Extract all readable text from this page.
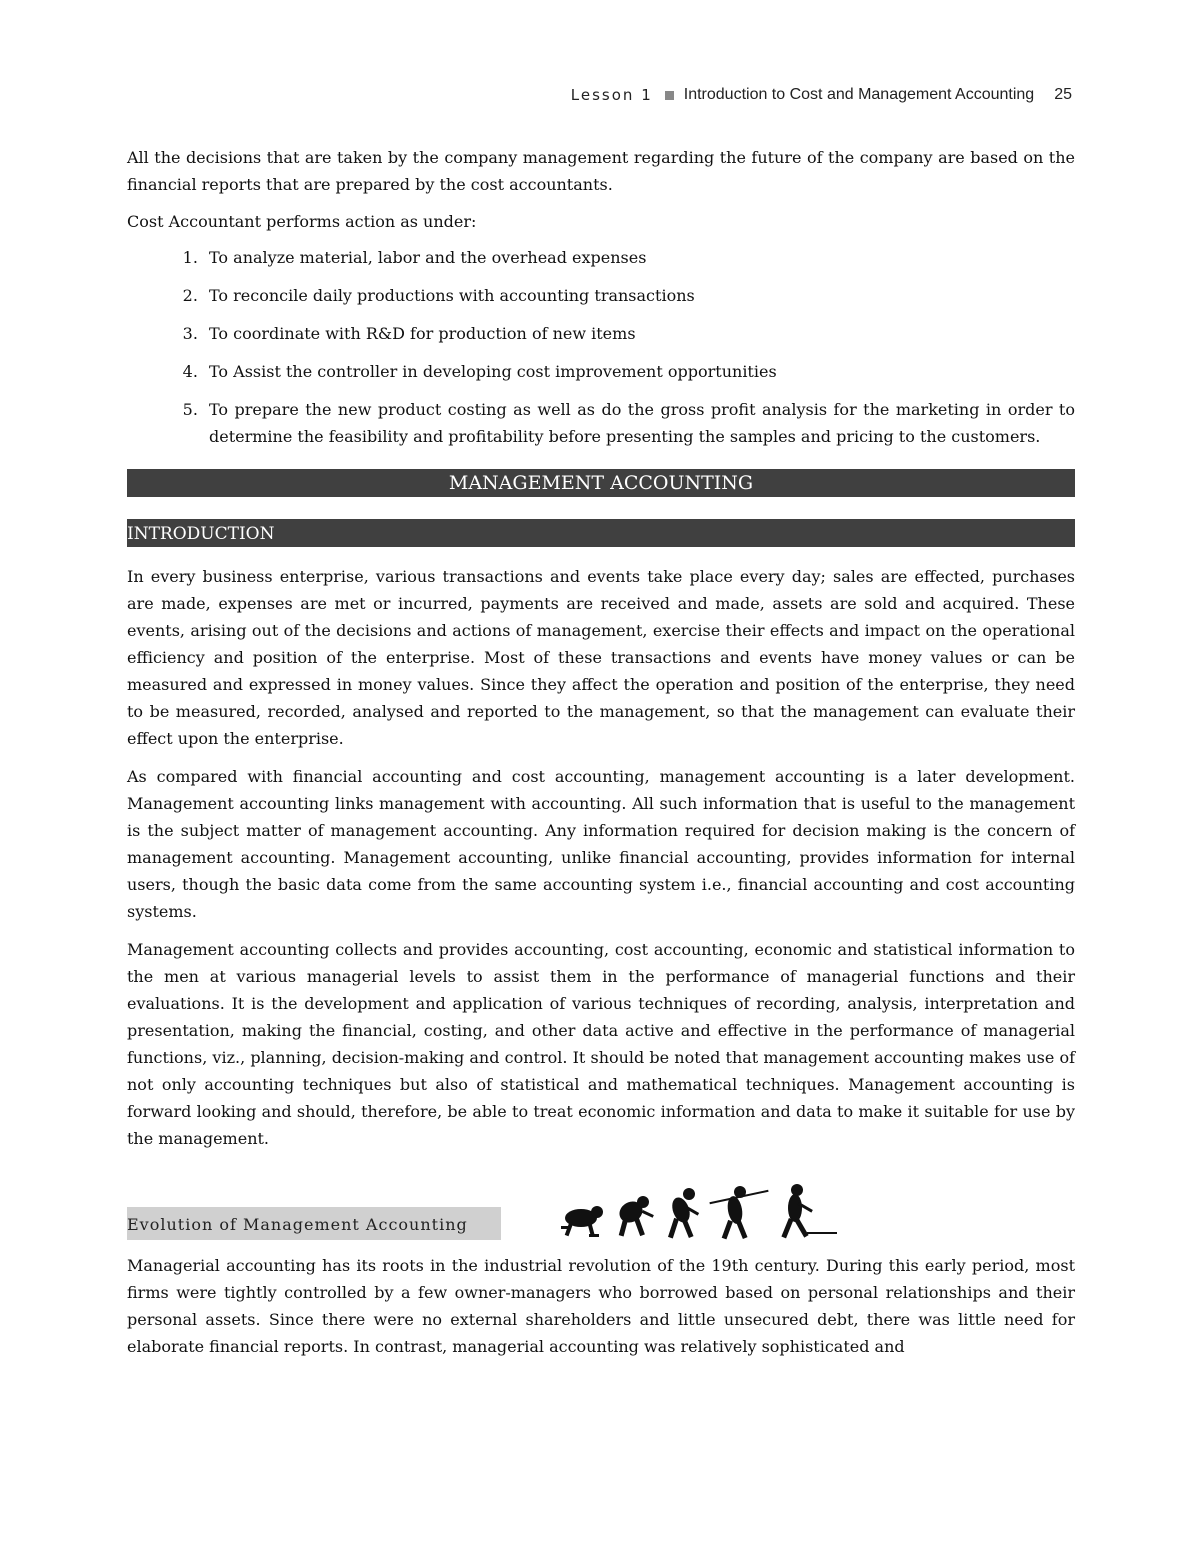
Lesson 1 Introduction to Cost and Management Accounting 25

All the decisions that are taken by the company management regarding the future of the company are based on the financial reports that are prepared by the cost accountants.

Cost Accountant performs action as under:

1. To analyze material, labor and the overhead expenses
2. To reconcile daily productions with accounting transactions
3. To coordinate with R&D for production of new items
4. To Assist the controller in developing cost improvement opportunities
5. To prepare the new product costing as well as do the gross profit analysis for the marketing in order to determine the feasibility and profitability before presenting the samples and pricing to the customers.
MANAGEMENT ACCOUNTING
INTRODUCTION

In every business enterprise, various transactions and events take place every day; sales are effected, purchases are made, expenses are met or incurred, payments are received and made, assets are sold and acquired. These events, arising out of the decisions and actions of management, exercise their effects and impact on the operational efficiency and position of the enterprise. Most of these transactions and events have money values or can be measured and expressed in money values. Since they affect the operation and position of the enterprise, they need to be measured, recorded, analysed and reported to the management, so that the management can evaluate their effect upon the enterprise.

As compared with financial accounting and cost accounting, management accounting is a later development. Management accounting links management with accounting. All such information that is useful to the management is the subject matter of management accounting. Any information required for decision making is the concern of management accounting. Management accounting, unlike financial accounting, provides information for internal users, though the basic data come from the same accounting system i.e., financial accounting and cost accounting systems.

Management accounting collects and provides accounting, cost accounting, economic and statistical information to the men at various managerial levels to assist them in the performance of managerial functions and their evaluations. It is the development and application of various techniques of recording, analysis, interpretation and presentation, making the financial, costing, and other data active and effective in the performance of managerial functions, viz., planning, decision-making and control. It should be noted that management accounting makes use of not only accounting techniques but also of statistical and mathematical techniques. Management accounting is forward looking and should, therefore, be able to treat economic information and data to make it suitable for use by the management.

Evolution of Management Accounting

Managerial accounting has its roots in the industrial revolution of the 19th century. During this early period, most firms were tightly controlled by a few owner-managers who borrowed based on personal relationships and their personal assets. Since there were no external shareholders and little unsecured debt, there was little need for elaborate financial reports. In contrast, managerial accounting was relatively sophisticated and
